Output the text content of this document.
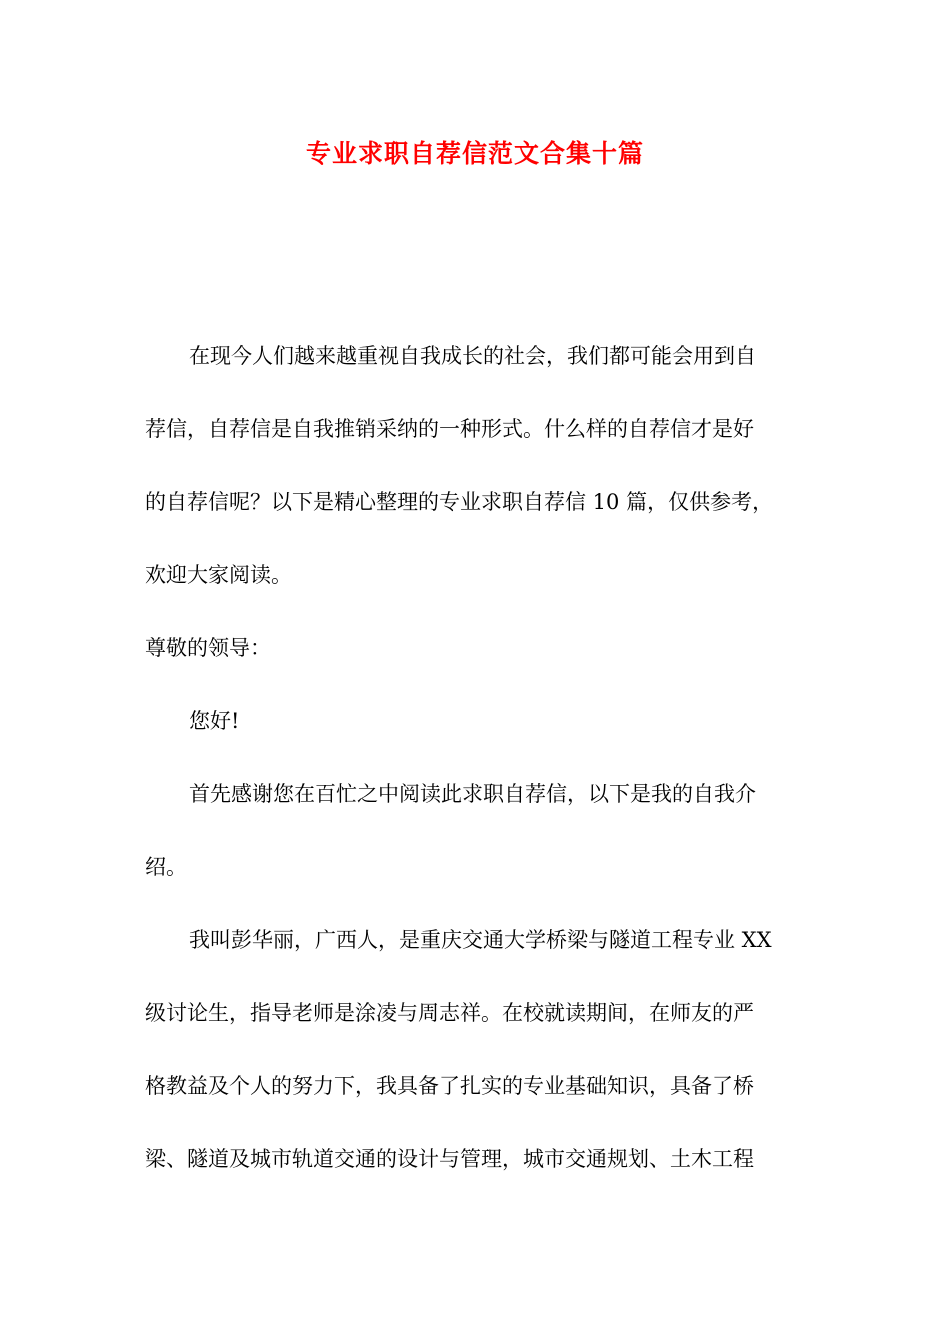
专业求职自荐信范文合集十篇

在现今人们越来越重视自我成长的社会，我们都可能会用到自
荐信，自荐信是自我推销采纳的一种形式。什么样的自荐信才是好
的自荐信呢？以下是精心整理的专业求职自荐信 10 篇，仅供参考，
欢迎大家阅读。

尊敬的领导：

您好!

首先感谢您在百忙之中阅读此求职自荐信，以下是我的自我介
绍。

我叫彭华丽，广西人，是重庆交通大学桥梁与隧道工程专业 XX
级讨论生，指导老师是涂凌与周志祥。在校就读期间，在师友的严
格教益及个人的努力下，我具备了扎实的专业基础知识，具备了桥
梁、隧道及城市轨道交通的设计与管理，城市交通规划、土木工程
